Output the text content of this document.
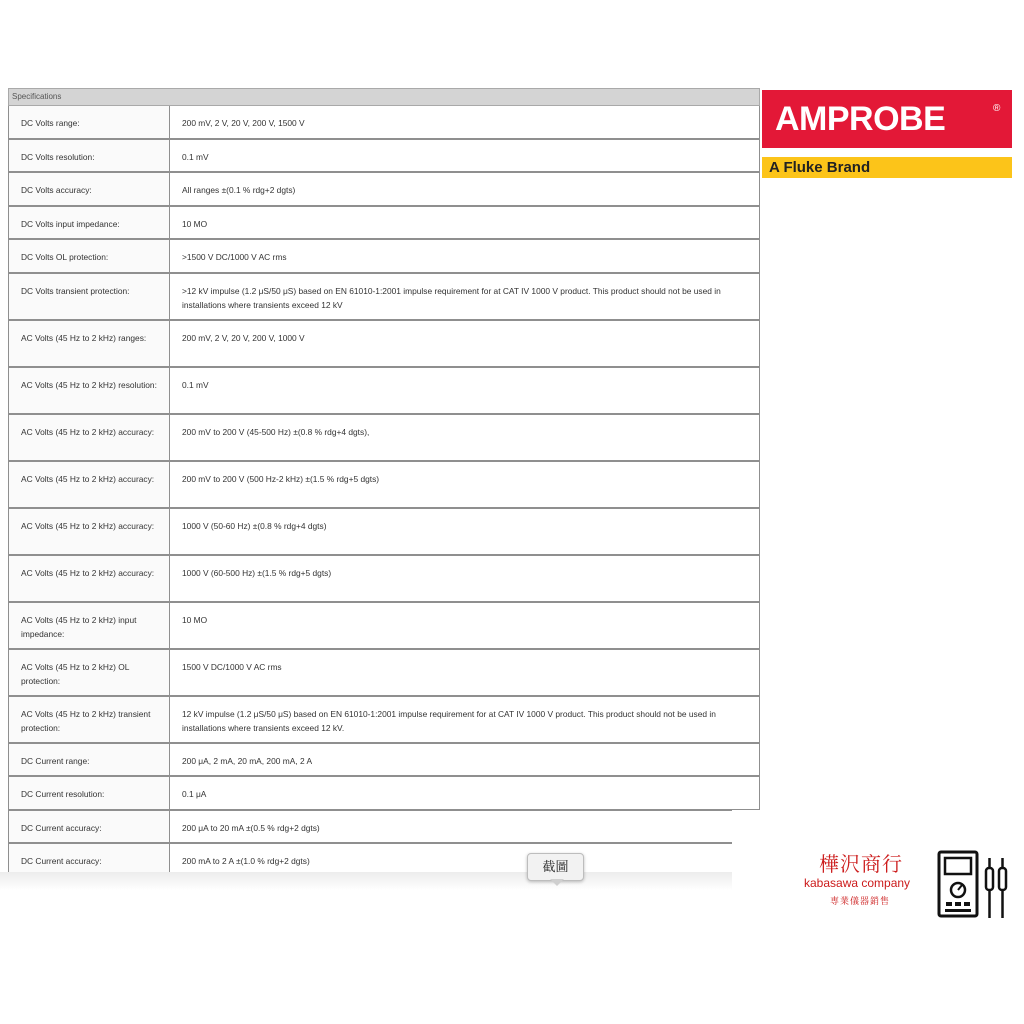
Specifications
DC Volts range:	200 mV, 2 V, 20 V, 200 V, 1500 V
DC Volts resolution:	0.1 mV
DC Volts accuracy:	All ranges ±(0.1 % rdg+2 dgts)
DC Volts input impedance:	10 MO
DC Volts OL protection:	>1500 V DC/1000 V AC rms
DC Volts transient protection:	>12 kV impulse (1.2 μS/50 μS) based on EN 61010-1:2001 impulse requirement for at CAT IV 1000 V product. This product should not be used in installations where transients exceed 12 kV
AC Volts (45 Hz to 2 kHz) ranges:	200 mV, 2 V, 20 V, 200 V, 1000 V
AC Volts (45 Hz to 2 kHz) resolution:	0.1 mV
AC Volts (45 Hz to 2 kHz) accuracy:	200 mV to 200 V (45-500 Hz) ±(0.8 % rdg+4 dgts),
AC Volts (45 Hz to 2 kHz) accuracy:	200 mV to 200 V (500 Hz-2 kHz) ±(1.5 % rdg+5 dgts)
AC Volts (45 Hz to 2 kHz) accuracy:	1000 V (50-60 Hz) ±(0.8 % rdg+4 dgts)
AC Volts (45 Hz to 2 kHz) accuracy:	1000 V (60-500 Hz) ±(1.5 % rdg+5 dgts)
AC Volts (45 Hz to 2 kHz) input impedance:	10 MO
AC Volts (45 Hz to 2 kHz) OL protection:	1500 V DC/1000 V AC rms
AC Volts (45 Hz to 2 kHz) transient protection:	12 kV impulse (1.2 μS/50 μS) based on EN 61010-1:2001 impulse requirement for at CAT IV 1000 V product. This product should not be used in installations where transients exceed 12 kV.
DC Current range:	200 μA, 2 mA, 20 mA, 200 mA, 2 A
DC Current resolution:	0.1 μA
DC Current accuracy:	200 μA to 20 mA ±(0.5 % rdg+2 dgts)
DC Current accuracy:	200 mA to 2 A ±(1.0 % rdg+2 dgts)	截圖
AMPROBE	®
A Fluke Brand
樺沢商行
kabasawa company
専業儀器銷售
